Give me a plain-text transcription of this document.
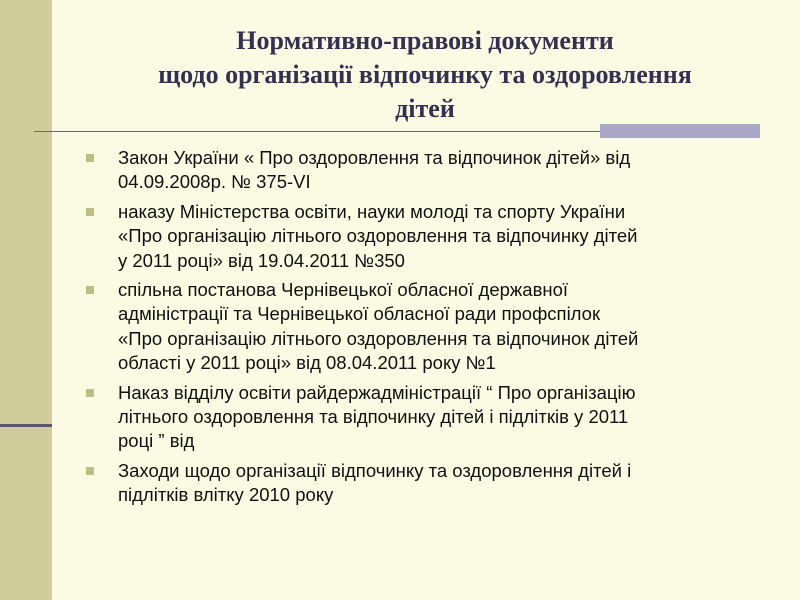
Нормативно-правові документи
щодо організації відпочинку та оздоровлення
дітей
Закон України « Про оздоровлення та відпочинок дітей» від
04.09.2008р. № 375-VI
наказу Міністерства освіти, науки молоді та спорту України
«Про організацію літнього оздоровлення та відпочинку дітей
у 2011 році» від 19.04.2011 №350
спільна постанова Чернівецької обласної державної
адміністрації та Чернівецької обласної ради профспілок
«Про організацію літнього оздоровлення та відпочинок дітей
області у 2011 році» від 08.04.2011 року №1
Наказ відділу освіти райдержадміністрації “ Про організацію
літнього оздоровлення та відпочинку дітей і підлітків у 2011
році ” від
Заходи щодо організації відпочинку та оздоровлення дітей і
підлітків влітку 2010 року
